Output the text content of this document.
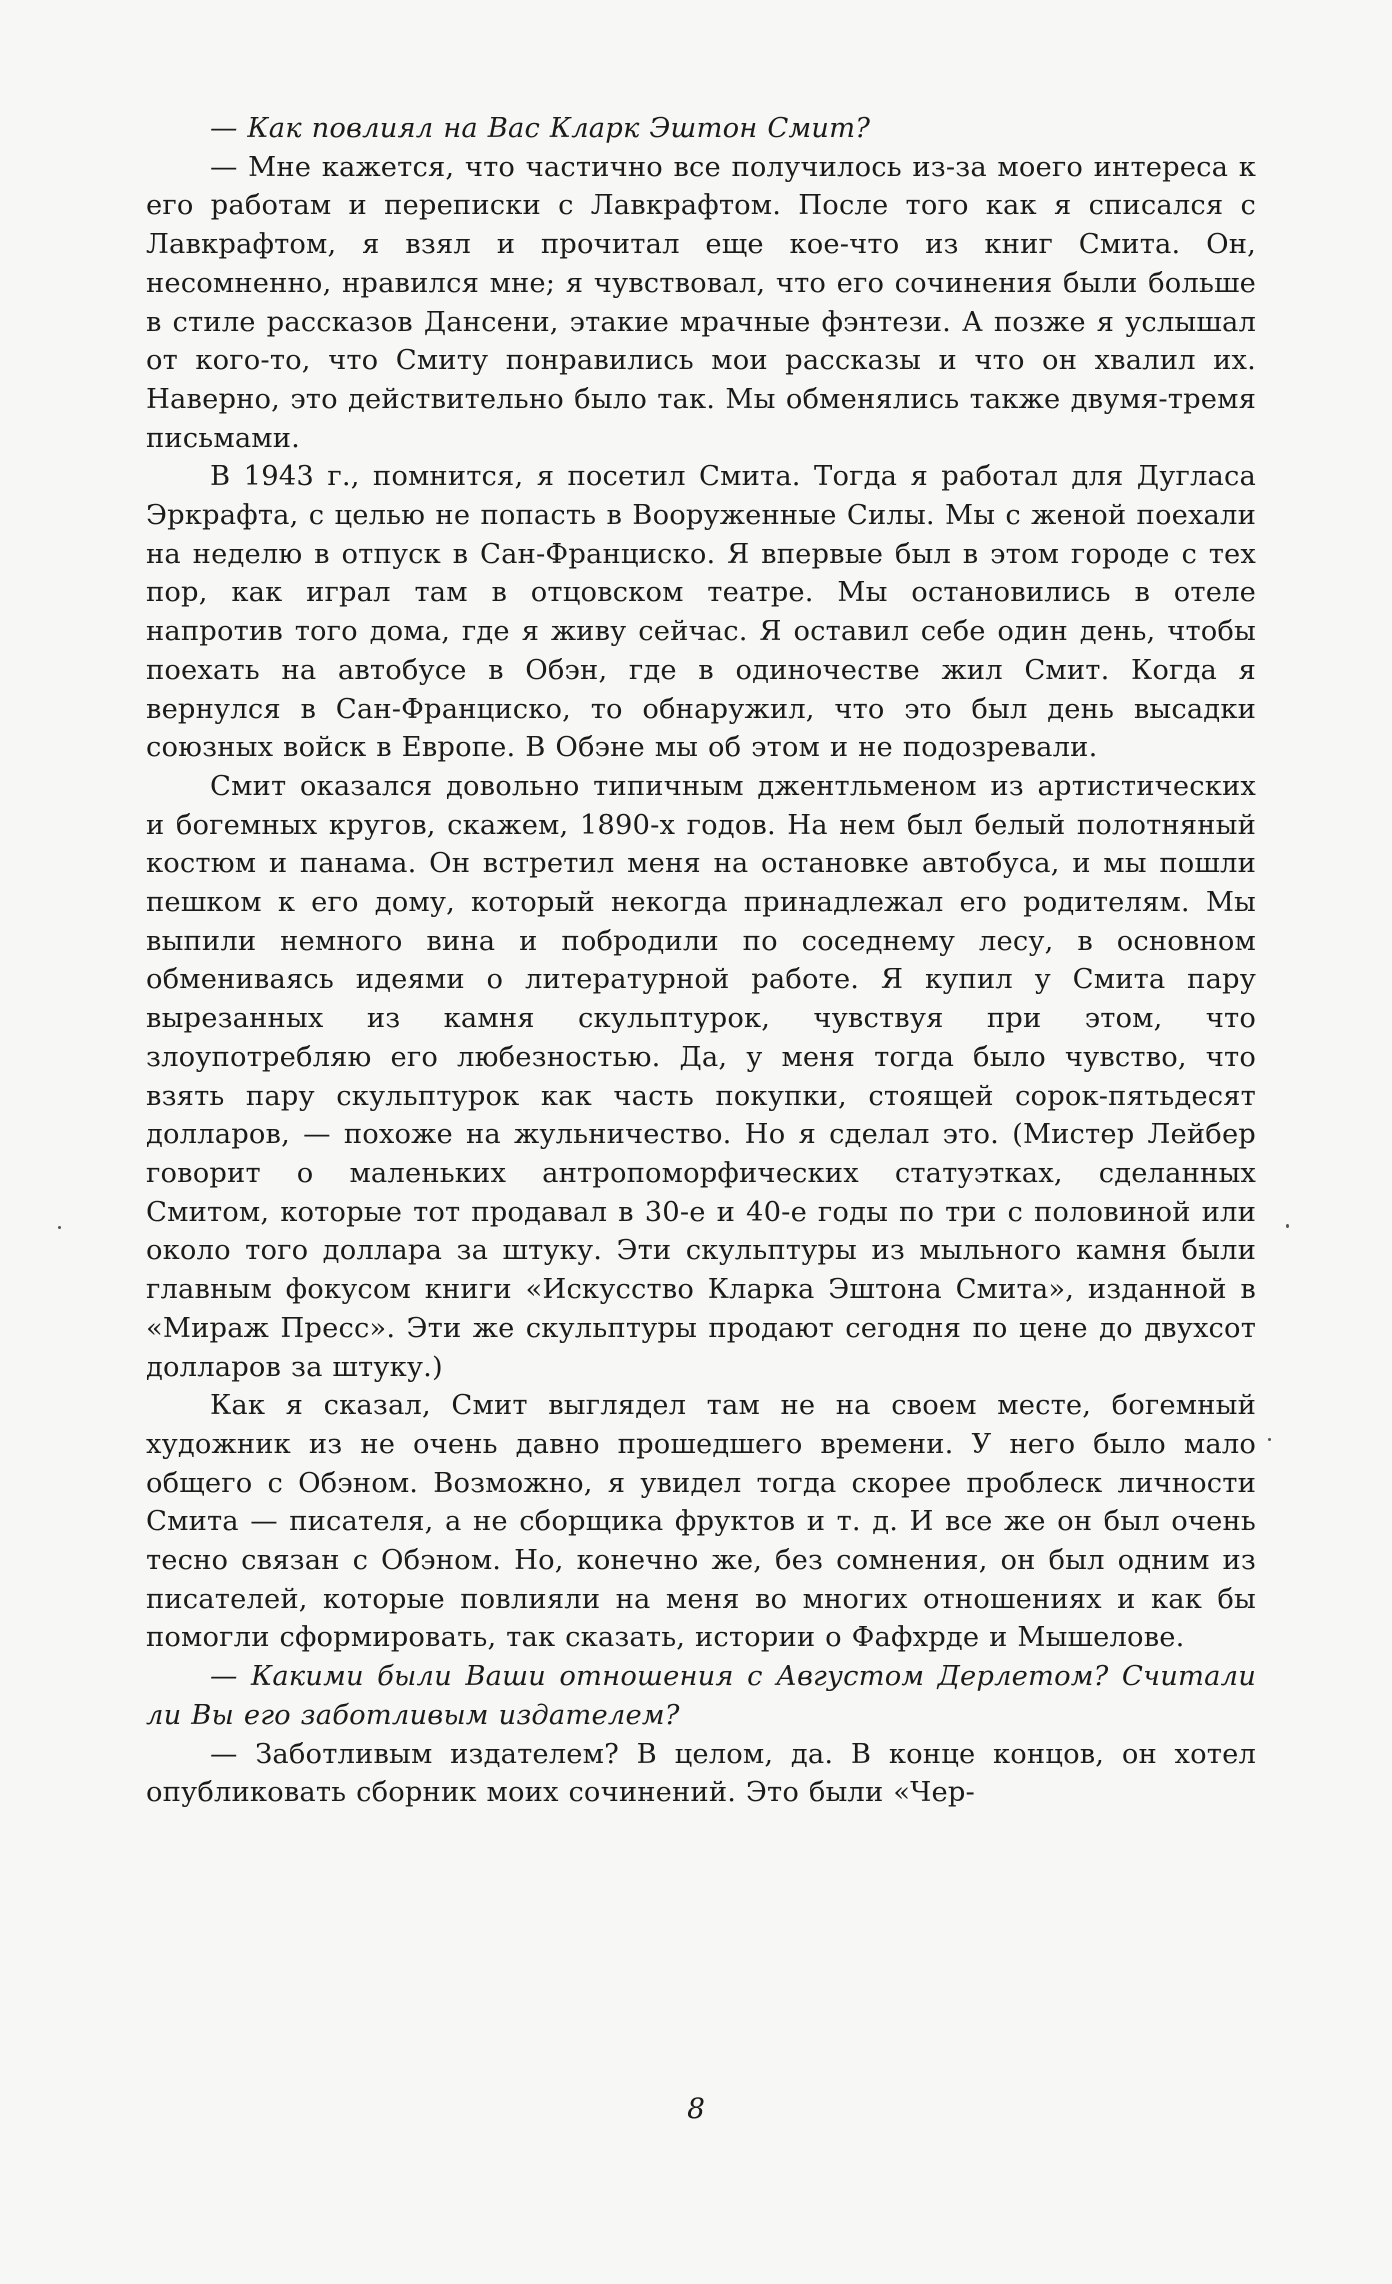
— Как повлиял на Вас Кларк Эштон Смит?

— Мне кажется, что частично все получилось из-за моего интереса к его работам и переписки с Лавкрафтом. После того как я списался с Лавкрафтом, я взял и прочитал еще кое-что из книг Смита. Он, несомненно, нравился мне; я чувствовал, что его сочинения были больше в стиле рассказов Дансени, этакие мрачные фэнтези. А позже я услышал от кого-то, что Смиту понравились мои рассказы и что он хвалил их. Наверно, это действительно было так. Мы обменялись также двумя-тремя письмами.

В 1943 г., помнится, я посетил Смита. Тогда я работал для Дугласа Эркрафта, с целью не попасть в Вооруженные Силы. Мы с женой поехали на неделю в отпуск в Сан-Франциско. Я впервые был в этом городе с тех пор, как играл там в отцовском театре. Мы остановились в отеле напротив того дома, где я живу сейчас. Я оставил себе один день, чтобы поехать на автобусе в Обэн, где в одиночестве жил Смит. Когда я вернулся в Сан-Франциско, то обнаружил, что это был день высадки союзных войск в Европе. В Обэне мы об этом и не подозревали.

Смит оказался довольно типичным джентльменом из артистических и богемных кругов, скажем, 1890-х годов. На нем был белый полотняный костюм и панама. Он встретил меня на остановке автобуса, и мы пошли пешком к его дому, который некогда принадлежал его родителям. Мы выпили немного вина и побродили по соседнему лесу, в основном обмениваясь идеями о литературной работе. Я купил у Смита пару вырезанных из камня скульптурок, чувствуя при этом, что злоупотребляю его любезностью. Да, у меня тогда было чувство, что взять пару скульптурок как часть покупки, стоящей сорок-пятьдесят долларов, — похоже на жульничество. Но я сделал это. (Мистер Лейбер говорит о маленьких антропоморфических статуэтках, сделанных Смитом, которые тот продавал в 30-е и 40-е годы по три с половиной или около того доллара за штуку. Эти скульптуры из мыльного камня были главным фокусом книги «Искусство Кларка Эштона Смита», изданной в «Мираж Пресс». Эти же скульптуры продают сегодня по цене до двухсот долларов за штуку.)

Как я сказал, Смит выглядел там не на своем месте, богемный художник из не очень давно прошедшего времени. У него было мало общего с Обэном. Возможно, я увидел тогда скорее проблеск личности Смита — писателя, а не сборщика фруктов и т. д. И все же он был очень тесно связан с Обэном. Но, конечно же, без сомнения, он был одним из писателей, которые повлияли на меня во многих отношениях и как бы помогли сформировать, так сказать, истории о Фафхрде и Мышелове.

— Какими были Ваши отношения с Августом Дерлетом? Считали ли Вы его заботливым издателем?

— Заботливым издателем? В целом, да. В конце концов, он хотел опубликовать сборник моих сочинений. Это были «Чер-

8
